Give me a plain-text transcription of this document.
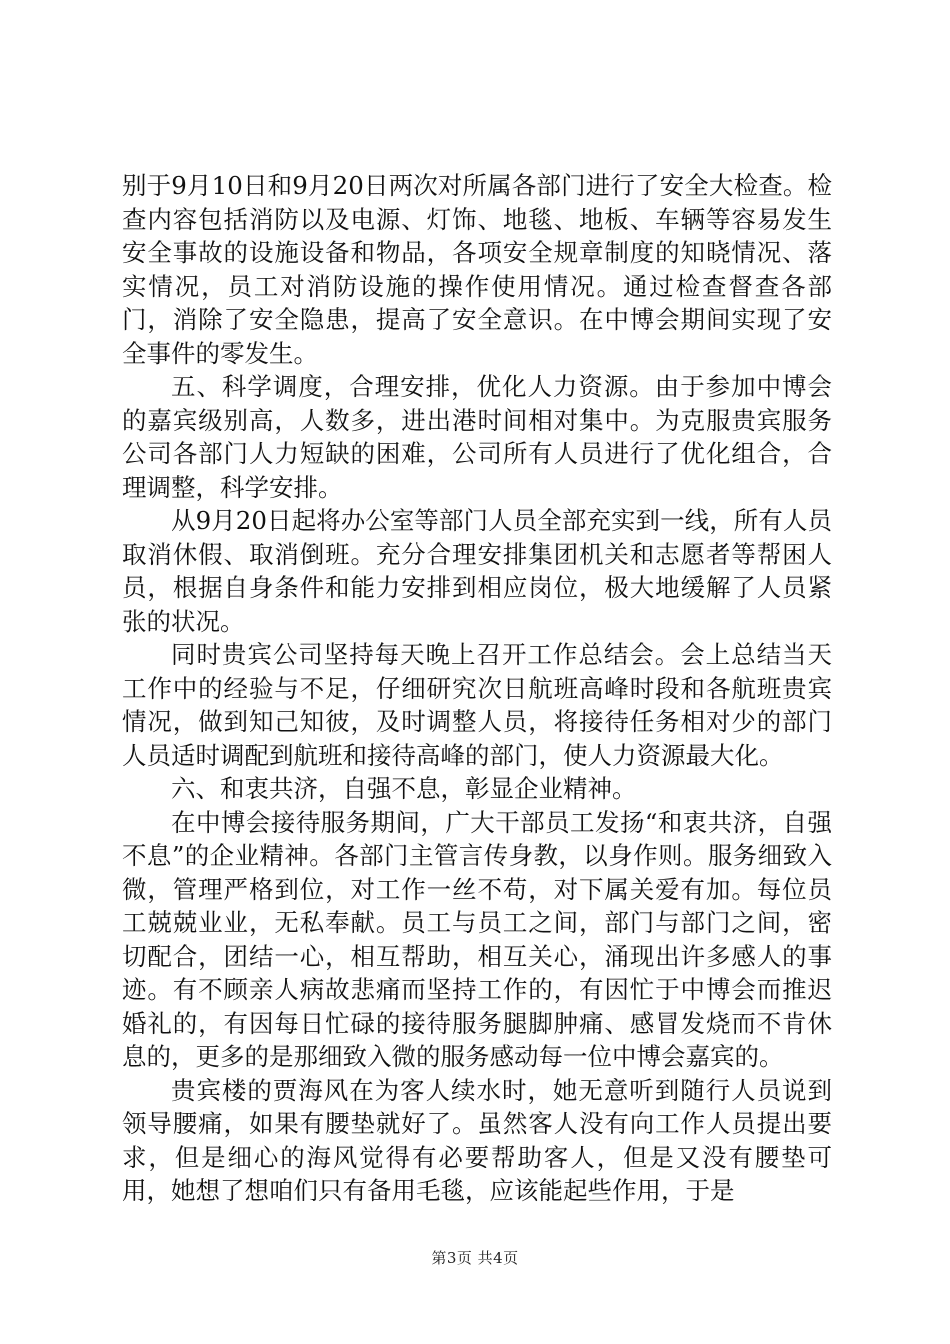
别于9月10日和9月20日两次对所属各部门进行了安全大检查。检查内容包括消防以及电源、灯饰、地毯、地板、车辆等容易发生安全事故的设施设备和物品，各项安全规章制度的知晓情况、落实情况，员工对消防设施的操作使用情况。通过检查督查各部门，消除了安全隐患，提高了安全意识。在中博会期间实现了安全事件的零发生。

五、科学调度，合理安排，优化人力资源。由于参加中博会的嘉宾级别高，人数多，进出港时间相对集中。为克服贵宾服务公司各部门人力短缺的困难，公司所有人员进行了优化组合，合理调整，科学安排。

从9月20日起将办公室等部门人员全部充实到一线，所有人员取消休假、取消倒班。充分合理安排集团机关和志愿者等帮困人员，根据自身条件和能力安排到相应岗位，极大地缓解了人员紧张的状况。

同时贵宾公司坚持每天晚上召开工作总结会。会上总结当天工作中的经验与不足，仔细研究次日航班高峰时段和各航班贵宾情况，做到知己知彼，及时调整人员，将接待任务相对少的部门人员适时调配到航班和接待高峰的部门，使人力资源最大化。

六、和衷共济，自强不息，彰显企业精神。

在中博会接待服务期间，广大干部员工发扬“和衷共济，自强不息”的企业精神。各部门主管言传身教，以身作则。服务细致入微，管理严格到位，对工作一丝不苟，对下属关爱有加。每位员工兢兢业业，无私奉献。员工与员工之间，部门与部门之间，密切配合，团结一心，相互帮助，相互关心，涌现出许多感人的事迹。有不顾亲人病故悲痛而坚持工作的，有因忙于中博会而推迟婚礼的，有因每日忙碌的接待服务腿脚肿痛、感冒发烧而不肯休息的，更多的是那细致入微的服务感动每一位中博会嘉宾的。

贵宾楼的贾海风在为客人续水时，她无意听到随行人员说到领导腰痛，如果有腰垫就好了。虽然客人没有向工作人员提出要求，但是细心的海风觉得有必要帮助客人，但是又没有腰垫可用，她想了想咱们只有备用毛毯，应该能起些作用，于是

第3页 共4页
